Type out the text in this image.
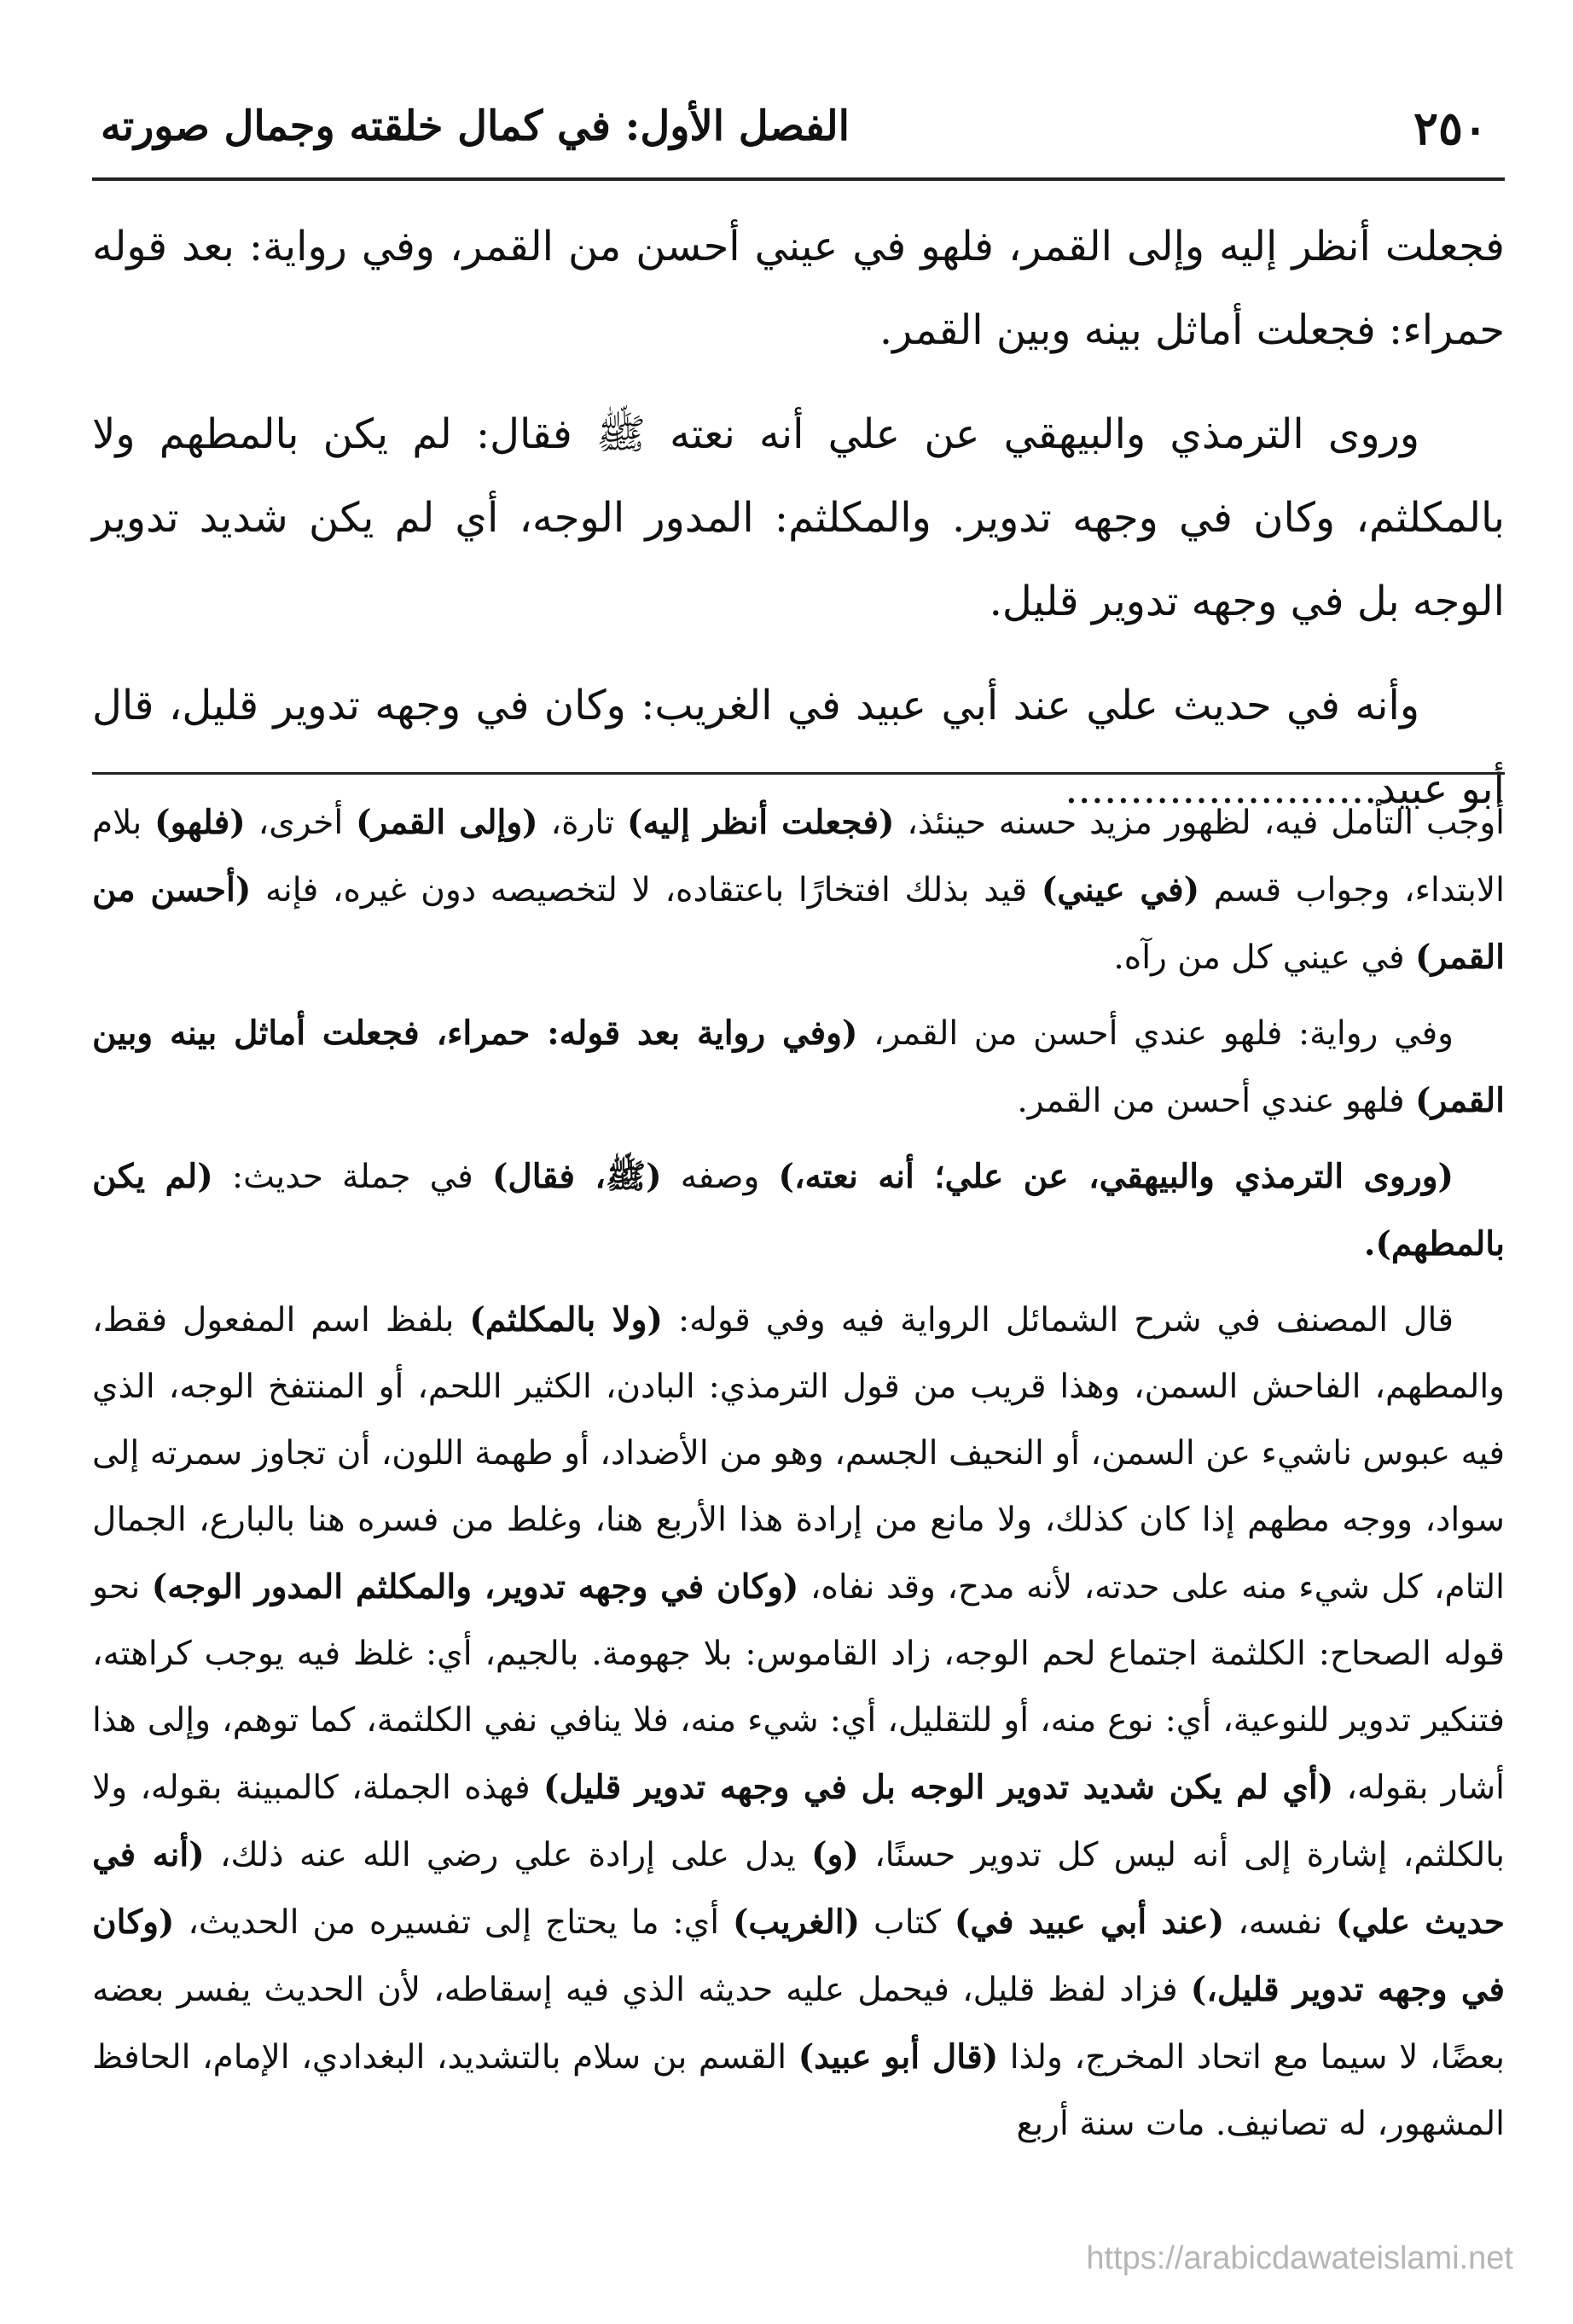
٢٥٠
الفصل الأول: في كمال خلقته وجمال صورته

فجعلت أنظر إليه وإلى القمر، فلهو في عيني أحسن من القمر، وفي رواية: بعد قوله حمراء: فجعلت أماثل بينه وبين القمر.

وروى الترمذي والبيهقي عن علي أنه نعته ﷺ فقال: لم يكن بالمطهم ولا بالمكلثم، وكان في وجهه تدوير. والمكلثم: المدور الوجه، أي لم يكن شديد تدوير الوجه بل في وجهه تدوير قليل.

وأنه في حديث علي عند أبي عبيد في الغريب: وكان في وجهه تدوير قليل، قال أبو عبيد........................

أوجب التأمل فيه، لظهور مزيد حسنه حينئذ، (فجعلت أنظر إليه) تارة، (وإلى القمر) أخرى، (فلهو) بلام الابتداء، وجواب قسم (في عيني) قيد بذلك افتخارًا باعتقاده، لا لتخصيصه دون غيره، فإنه (أحسن من القمر) في عيني كل من رآه.

وفي رواية: فلهو عندي أحسن من القمر، (وفي رواية بعد قوله: حمراء، فجعلت أماثل بينه وبين القمر) فلهو عندي أحسن من القمر.

(وروى الترمذي والبيهقي، عن علي؛ أنه نعته،) وصفه (ﷺ، فقال) في جملة حديث: (لم يكن بالمطهم).

قال المصنف في شرح الشمائل الرواية فيه وفي قوله: (ولا بالمكلثم) بلفظ اسم المفعول فقط، والمطهم، الفاحش السمن، وهذا قريب من قول الترمذي: البادن، الكثير اللحم، أو المنتفخ الوجه، الذي فيه عبوس ناشيء عن السمن، أو النحيف الجسم، وهو من الأضداد، أو طهمة اللون، أن تجاوز سمرته إلى سواد، ووجه مطهم إذا كان كذلك، ولا مانع من إرادة هذا الأربع هنا، وغلط من فسره هنا بالبارع، الجمال التام، كل شيء منه على حدته، لأنه مدح، وقد نفاه، (وكان في وجهه تدوير، والمكلثم المدور الوجه) نحو قوله الصحاح: الكلثمة اجتماع لحم الوجه، زاد القاموس: بلا جهومة. بالجيم، أي: غلظ فيه يوجب كراهته، فتنكير تدوير للنوعية، أي: نوع منه، أو للتقليل، أي: شيء منه، فلا ينافي نفي الكلثمة، كما توهم، وإلى هذا أشار بقوله، (أي لم يكن شديد تدوير الوجه بل في وجهه تدوير قليل) فهذه الجملة، كالمبينة بقوله، ولا بالكلثم، إشارة إلى أنه ليس كل تدوير حسنًا، (و) يدل على إرادة علي رضي الله عنه ذلك، (أنه في حديث علي) نفسه، (عند أبي عبيد في) كتاب (الغريب) أي: ما يحتاج إلى تفسيره من الحديث، (وكان في وجهه تدوير قليل،) فزاد لفظ قليل، فيحمل عليه حديثه الذي فيه إسقاطه، لأن الحديث يفسر بعضه بعضًا، لا سيما مع اتحاد المخرج، ولذا (قال أبو عبيد) القسم بن سلام بالتشديد، البغدادي، الإمام، الحافظ المشهور، له تصانيف. مات سنة أربع

https://arabicdawateislami.net
